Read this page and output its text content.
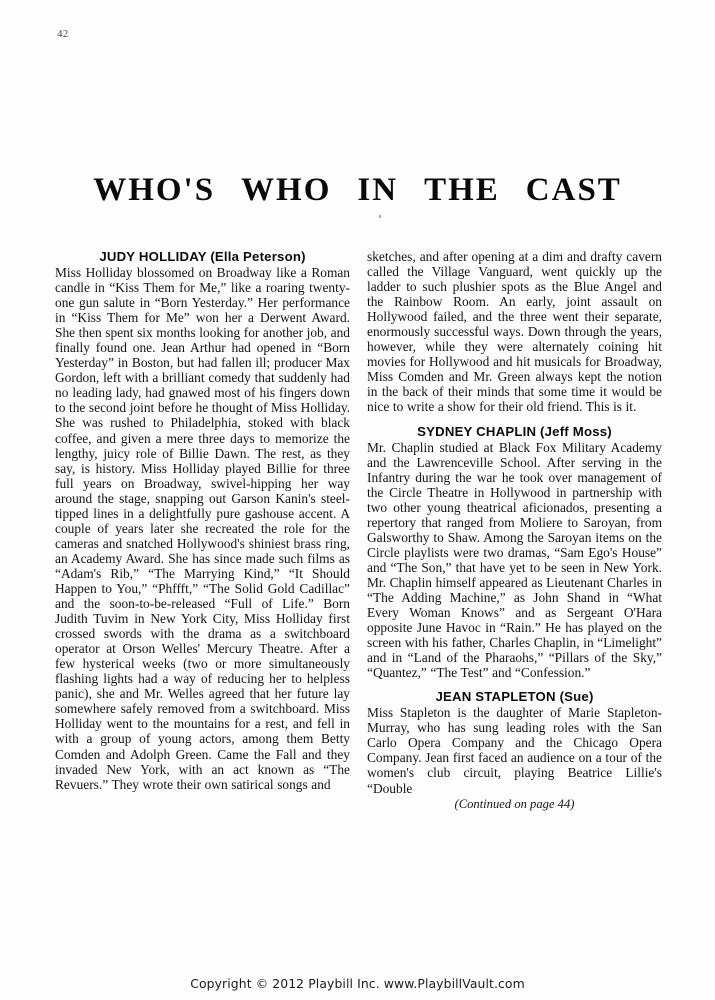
42
WHO'S WHO IN THE CAST
JUDY HOLLIDAY (Ella Peterson)

Miss Holliday blossomed on Broadway like a Roman candle in “Kiss Them for Me,” like a roaring twenty-one gun salute in “Born Yesterday.” Her performance in “Kiss Them for Me” won her a Derwent Award. She then spent six months looking for another job, and finally found one. Jean Arthur had opened in “Born Yesterday” in Boston, but had fallen ill; producer Max Gordon, left with a brilliant comedy that suddenly had no leading lady, had gnawed most of his fingers down to the second joint before he thought of Miss Holliday. She was rushed to Philadelphia, stoked with black coffee, and given a mere three days to memorize the lengthy, juicy role of Billie Dawn. The rest, as they say, is history. Miss Holliday played Billie for three full years on Broadway, swivel-hipping her way around the stage, snapping out Garson Kanin's steel-tipped lines in a delightfully pure gashouse accent. A couple of years later she recreated the role for the cameras and snatched Hollywood's shiniest brass ring, an Academy Award. She has since made such films as “Adam's Rib,” “The Marrying Kind,” “It Should Happen to You,” “Phffft,” “The Solid Gold Cadillac” and the soon-to-be-released “Full of Life.” Born Judith Tuvim in New York City, Miss Holliday first crossed swords with the drama as a switchboard operator at Orson Welles' Mercury Theatre. After a few hysterical weeks (two or more simultaneously flashing lights had a way of reducing her to helpless panic), she and Mr. Welles agreed that her future lay somewhere safely removed from a switchboard. Miss Holliday went to the mountains for a rest, and fell in with a group of young actors, among them Betty Comden and Adolph Green. Came the Fall and they invaded New York, with an act known as “The Revuers.” They wrote their own satirical songs and

sketches, and after opening at a dim and drafty cavern called the Village Vanguard, went quickly up the ladder to such plushier spots as the Blue Angel and the Rainbow Room. An early, joint assault on Hollywood failed, and the three went their separate, enormously successful ways. Down through the years, however, while they were alternately coining hit movies for Hollywood and hit musicals for Broadway, Miss Comden and Mr. Green always kept the notion in the back of their minds that some time it would be nice to write a show for their old friend. This is it.

SYDNEY CHAPLIN (Jeff Moss)

Mr. Chaplin studied at Black Fox Military Academy and the Lawrenceville School. After serving in the Infantry during the war he took over management of the Circle Theatre in Hollywood in partnership with two other young theatrical aficionados, presenting a repertory that ranged from Moliere to Saroyan, from Galsworthy to Shaw. Among the Saroyan items on the Circle playlists were two dramas, “Sam Ego's House” and “The Son,” that have yet to be seen in New York. Mr. Chaplin himself appeared as Lieutenant Charles in “The Adding Machine,” as John Shand in “What Every Woman Knows” and as Sergeant O'Hara opposite June Havoc in “Rain.” He has played on the screen with his father, Charles Chaplin, in “Limelight” and in “Land of the Pharaohs,” “Pillars of the Sky,” “Quantez,” “The Test” and “Confession.”

JEAN STAPLETON (Sue)

Miss Stapleton is the daughter of Marie Stapleton-Murray, who has sung leading roles with the San Carlo Opera Company and the Chicago Opera Company. Jean first faced an audience on a tour of the women's club circuit, playing Beatrice Lillie's “Double

(Continued on page 44)
Copyright © 2012 Playbill Inc. www.PlaybillVault.com
